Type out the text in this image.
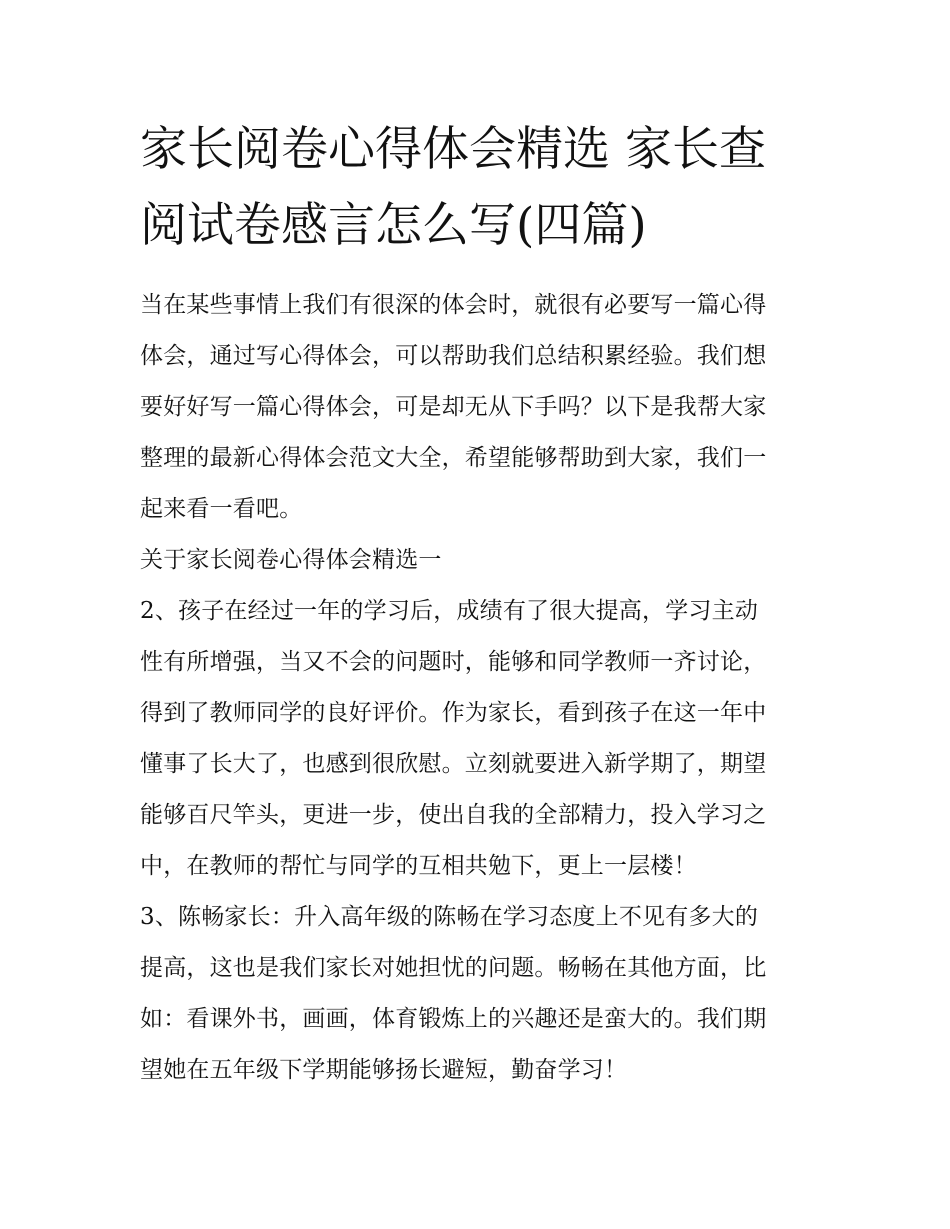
家长阅卷心得体会精选 家长查
阅试卷感言怎么写(四篇)
当在某些事情上我们有很深的体会时，就很有必要写一篇心得
体会，通过写心得体会，可以帮助我们总结积累经验。我们想
要好好写一篇心得体会，可是却无从下手吗？以下是我帮大家
整理的最新心得体会范文大全，希望能够帮助到大家，我们一
起来看一看吧。
关于家长阅卷心得体会精选一
2、孩子在经过一年的学习后，成绩有了很大提高，学习主动
性有所增强，当又不会的问题时，能够和同学教师一齐讨论，
得到了教师同学的良好评价。作为家长，看到孩子在这一年中
懂事了长大了，也感到很欣慰。立刻就要进入新学期了，期望
能够百尺竿头，更进一步，使出自我的全部精力，投入学习之
中，在教师的帮忙与同学的互相共勉下，更上一层楼！
3、陈畅家长：升入高年级的陈畅在学习态度上不见有多大的
提高，这也是我们家长对她担忧的问题。畅畅在其他方面，比
如：看课外书，画画，体育锻炼上的兴趣还是蛮大的。我们期
望她在五年级下学期能够扬长避短，勤奋学习！
